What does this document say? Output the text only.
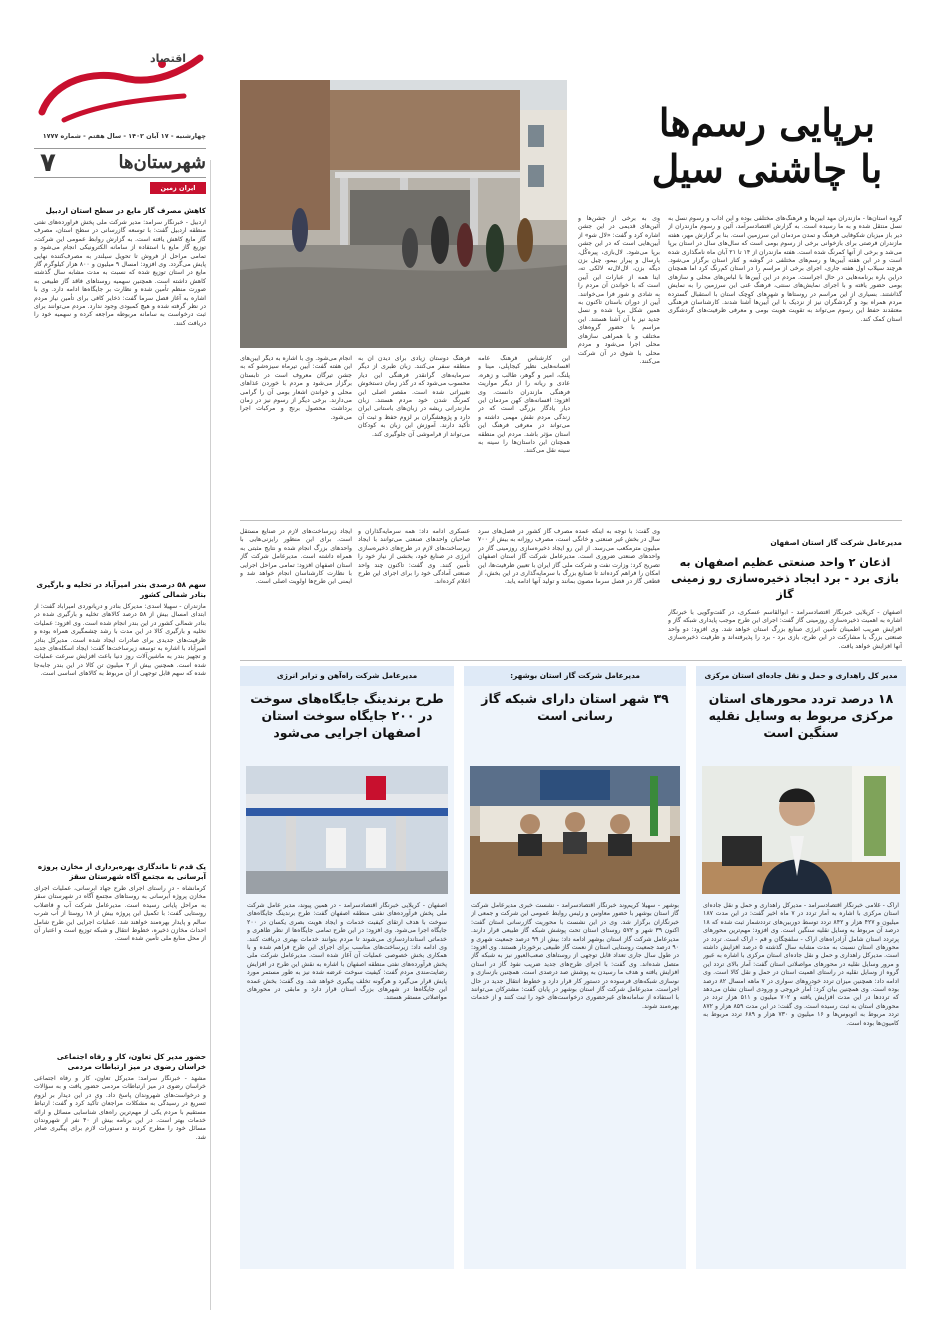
اقتصاد
چهارشنبه - ۱۷ آبان ۱۴۰۲ - سال هفتم - شماره ۱۷۷۷
شهرستان‌ها
۷
ایران زمین
کاهش مصرف گاز مایع در سطح استان اردبیل
اردبیل - خبرنگار سرآمد: مدیر شرکت ملی پخش فرآورده‌های نفتی منطقه اردبیل گفت: با توسعه گازرسانی در سطح استان، مصرف گاز مایع کاهش یافته است. به گزارش روابط عمومی این شرکت، توزیع گاز مایع با استفاده از سامانه الکترونیکی انجام می‌شود و تمامی مراحل از فروش تا تحویل سیلندر به مصرف‌کننده نهایی پایش می‌گردد. وی افزود: امسال ۹ میلیون و ۸۰۰ هزار کیلوگرم گاز مایع در استان توزیع شده که نسبت به مدت مشابه سال گذشته کاهش داشته است. همچنین سهمیه روستاهای فاقد گاز طبیعی به صورت منظم تأمین شده و نظارت بر جایگاه‌ها ادامه دارد. وی با اشاره به آغاز فصل سرما گفت: ذخایر کافی برای تأمین نیاز مردم در نظر گرفته شده و هیچ کمبودی وجود ندارد. مردم می‌توانند برای ثبت درخواست به سامانه مربوطه مراجعه کرده و سهمیه خود را دریافت کنند.
سهم ۵۸ درصدی بندر امیرآباد در تخلیه و بارگیری بنادر شمالی کشور
مازندران - سهیلا اسدی: مدیرکل بنادر و دریانوردی امیرآباد گفت: از ابتدای امسال بیش از ۵۸ درصد کالاهای تخلیه و بارگیری شده در بنادر شمالی کشور در این بندر انجام شده است. وی افزود: عملیات تخلیه و بارگیری کالا در این مدت با رشد چشمگیری همراه بوده و ظرفیت‌های جدیدی برای صادرات ایجاد شده است. مدیرکل بنادر امیرآباد با اشاره به توسعه زیرساخت‌ها گفت: ایجاد اسکله‌های جدید و تجهیز بندر به ماشین‌آلات روز دنیا باعث افزایش سرعت عملیات شده است. همچنین بیش از ۲ میلیون تن کالا در این بندر جابه‌جا شده که سهم قابل توجهی از آن مربوط به کالاهای اساسی است.
یک قدم تا ماندگاری بهره‌برداری از مخازن پروژه آبرسانی به مجتمع آگاه شهرستان سقز
کرمانشاه - در راستای اجرای طرح جهاد آبرسانی، عملیات اجرای مخازن پروژه آبرسانی به روستاهای مجتمع آگاه در شهرستان سقز به مراحل پایانی رسیده است. مدیرعامل شرکت آب و فاضلاب روستایی گفت: با تکمیل این پروژه بیش از ۱۸ روستا از آب شرب سالم و پایدار بهره‌مند خواهند شد. عملیات اجرایی این طرح شامل احداث مخازن ذخیره، خطوط انتقال و شبکه توزیع است و اعتبار آن از محل منابع ملی تأمین شده است.
حضور مدیر کل تعاون، کار و رفاه اجتماعی خراسان رضوی در میز ارتباطات مردمی
مشهد - خبرنگار سرآمد: مدیرکل تعاون، کار و رفاه اجتماعی خراسان رضوی در میز ارتباطات مردمی حضور یافت و به سؤالات و درخواست‌های شهروندان پاسخ داد. وی در این دیدار بر لزوم تسریع در رسیدگی به مشکلات مراجعان تأکید کرد و گفت: ارتباط مستقیم با مردم یکی از مهم‌ترین راه‌های شناسایی مسائل و ارائه خدمات بهتر است. در این برنامه بیش از ۴۰ نفر از شهروندان مسائل خود را مطرح کردند و دستورات لازم برای پیگیری صادر شد.
برپایی رسم‌ها
با چاشنی سیل
گروه استان‌ها - مازندران مهد آیین‌ها و فرهنگ‌های مختلفی بوده و این آداب و رسوم نسل به نسل منتقل شده و به ما رسیده است. به گزارش اقتصادسرآمد، آئین و رسوم مازندران از دیر باز میزبان شکوفایی فرهنگ و تمدن مردمان این سرزمین است. بنا بر گزارش مهر، هفته مازندران فرصتی برای بازخوانی برخی از رسوم بومی است که سال‌های سال در استان برپا می‌شد و برخی از آنها کمرنگ شده است. هفته مازندران از ۱۴ تا ۲۱ آبان ماه نامگذاری شده است و در این هفته آیین‌ها و رسم‌های مختلفی در گوشه و کنار استان برگزار می‌شود. هرچند سیلاب اول هفته جاری، اجرای برخی از مراسم را در استان کم‌رنگ کرد اما همچنان دراین باره برنامه‌هایی در حال اجراست. مردم در این آیین‌ها با لباس‌های محلی و سازهای بومی حضور یافته و با اجرای نمایش‌های سنتی، فرهنگ غنی این سرزمین را به نمایش گذاشتند. بسیاری از این مراسم در روستاها و شهرهای کوچک استان با استقبال گسترده مردم همراه بود و گردشگران نیز از نزدیک با این آیین‌ها آشنا شدند. کارشناسان فرهنگی معتقدند حفظ این رسوم می‌تواند به تقویت هویت بومی و معرفی ظرفیت‌های گردشگری استان کمک کند.
وی به برخی از جشن‌ها و آئین‌های قدیمی در این جشن اشاره کرد و گفت: «لال شو» از آیین‌هایی است که در این جشن برپا می‌شود. لال‌بازی، پیره‌کُل، پارسال و پیرار بیمو، چیل بزن دیگه بزن، لال‌لال‌ته لالکی ته، اینا همه از عبارات این آیین است که با خواندن آن مردم را به شادی و شور فرا می‌خوانند. آیین از دوران باستان تاکنون به همین شکل برپا شده و نسل جدید نیز با آن آشنا هستند. این مراسم با حضور گروه‌های مختلف و با همراهی سازهای محلی اجرا می‌شود و مردم محلی با شوق در آن شرکت می‌کنند.
این کارشناس فرهنگ عامه افسانه‌هایی نظیر کیجاپلی، مینا و پلنگ، امیر و گوهر، طالب و زهره، عادی و ریانه را از دیگر مواریث فرهنگی مازندران دانست. وی افزود: افسانه‌های کهن مردمان این دیار یادگار بزرگی است که در زندگی مردم نقش مهمی داشته و می‌تواند در معرفی فرهنگ این استان مؤثر باشد. مردم این منطقه همچنان این داستان‌ها را سینه به سینه نقل می‌کنند.
فرهنگ دوستان زیادی برای دیدن آن به منطقه سفر می‌کنند. زبان طبری از دیگر سرمایه‌های گرانقدر فرهنگی این دیار محسوب می‌شود که در گذر زمان دستخوش تغییراتی شده است. مقصر اصلی این کمرنگ شدن خود مردم هستند. زبان مازندرانی ریشه در زبان‌های باستانی ایران دارد و پژوهشگران بر لزوم حفظ و ثبت آن تأکید دارند. آموزش این زبان به کودکان می‌تواند از فراموشی آن جلوگیری کند.
انجام می‌شود. وی با اشاره به دیگر آیین‌های این هفته گفت: آیین تیرماه سیزه‌شو که به جشن تیرگان معروف است در تابستان برگزار می‌شود و مردم با خوردن غذاهای محلی و خواندن اشعار بومی آن را گرامی می‌دارند. برخی دیگر از رسوم نیز در زمان برداشت محصول برنج و مرکبات اجرا می‌شود.
مدیرعامل شرکت گاز استان اصفهان
اذعان ۲ واحد صنعتی عظیم اصفهان به بازی برد - برد ایجاد ذخیره‌سازی رو زمینی گاز
اصفهان - کریلایی خبرنگار اقتصادسرآمد - ابوالقاسم عسکری، در گفت‌وگویی با خبرنگار اشاره به اهمیت ذخیره‌سازی روزمینی گاز گفت: اجرای این طرح موجب پایداری شبکه گاز و افزایش ضریب اطمینان تأمین انرژی صنایع بزرگ استان خواهد شد. وی افزود: دو واحد صنعتی بزرگ با مشارکت در این طرح، بازی برد - برد را پذیرفته‌اند و ظرفیت ذخیره‌سازی آنها افزایش خواهد یافت.
وی گفت: با توجه به اینکه عمده مصرف گاز کشور در فصل‌های سرد سال در بخش غیر صنعتی و خانگی است، مصرف روزانه به بیش از ۷۰۰ میلیون مترمکعب می‌رسد. از این رو ایجاد ذخیره‌سازی روزمینی گاز در واحدهای صنعتی ضروری است. مدیرعامل شرکت گاز استان اصفهان تصریح کرد: وزارت نفت و شرکت ملی گاز ایران با تعیین ظرفیت‌ها، این امکان را فراهم کرده‌اند تا صنایع بزرگ با سرمایه‌گذاری در این بخش، از قطعی گاز در فصل سرما مصون بمانند و تولید آنها ادامه یابد.
عسکری ادامه داد: همه سرمایه‌گذاران و صاحبان واحدهای صنعتی می‌توانند با ایجاد زیرساخت‌های لازم در طرح‌های ذخیره‌سازی انرژی در صنایع خود، بخشی از نیاز خود را تأمین کنند. وی گفت: تاکنون چند واحد صنعتی آمادگی خود را برای اجرای این طرح اعلام کرده‌اند.
ایجاد زیرساخت‌های لازم در صنایع مستقل است. برای این منظور رایزنی‌هایی با واحدهای بزرگ انجام شده و نتایج مثبتی به همراه داشته است. مدیرعامل شرکت گاز استان اصفهان افزود: تمامی مراحل اجرایی با نظارت کارشناسان انجام خواهد شد و ایمنی این طرح‌ها اولویت اصلی است.
مدیر کل راهداری و حمل و نقل جاده‌ای استان مرکزی
۱۸ درصد تردد محورهای استان مرکزی مربوط به وسایل نقلیه سنگین است
اراک - غلامی خبرنگار اقتصادسرآمد - مدیرکل راهداری و حمل و نقل جاده‌ای استان مرکزی با اشاره به آمار تردد در ۷ ماه اخیر گفت: در این مدت ۱۸۷ میلیون و ۴۲۷ هزار و ۸۴۲ تردد توسط دوربین‌های ترددشمار ثبت شده که ۱۸ درصد آن مربوط به وسایل نقلیه سنگین است. وی افزود: مهم‌ترین محورهای پرتردد استان شامل آزادراه‌های اراک - سلفچگان و قم - اراک است. تردد در محورهای استان نسبت به مدت مشابه سال گذشته ۵ درصد افزایش داشته است. مدیرکل راهداری و حمل و نقل جاده‌ای استان مرکزی با اشاره به عبور و مرور وسایل نقلیه در محورهای مواصلاتی استان گفت: آمار بالای تردد این گروه از وسایل نقلیه در راستای اهمیت استان در حمل و نقل کالا است. وی ادامه داد: همچنین میزان تردد خودروهای سواری در ۷ ماهه امسال ۸۲ درصد بوده است. وی همچنین بیان کرد: آمار خروجی و ورودی استان نشان می‌دهد که ترددها در این مدت افزایش یافته و ۷۰۲ میلیون و ۵۱۱ هزار تردد در محورهای استان به ثبت رسیده است. وی گفت: در این مدت ۸۵۹ هزار و ۸۷۲ تردد مربوط به اتوبوس‌ها و ۱۶ میلیون و ۷۳۰ هزار و ۶۸۹ تردد مربوط به کامیون‌ها بوده است.
مدیرعامل شرکت گاز استان بوشهر:
۳۹ شهر استان دارای شبکه گاز رسانی است
بوشهر - سهیلا کریم‌وند خبرنگار اقتصادسرآمد - نشست خبری مدیرعامل شرکت گاز استان بوشهر با حضور معاونین و رئیس روابط عمومی این شرکت و جمعی از خبرنگاران برگزار شد. وی در این نشست با محوریت گازرسانی استان گفت: اکنون ۳۹ شهر و ۵۷۲ روستای استان تحت پوشش شبکه گاز طبیعی قرار دارند. مدیرعامل شرکت گاز استان بوشهر ادامه داد: بیش از ۹۹ درصد جمعیت شهری و ۹۰ درصد جمعیت روستایی استان از نعمت گاز طبیعی برخوردار هستند. وی افزود: در طول سال جاری تعداد قابل توجهی از روستاهای صعب‌العبور نیز به شبکه گاز متصل شده‌اند. وی گفت: با اجرای طرح‌های جدید ضریب نفوذ گاز در استان افزایش یافته و هدف ما رسیدن به پوشش صد درصدی است. همچنین بازسازی و نوسازی شبکه‌های فرسوده در دستور کار قرار دارد و خطوط انتقال جدید در حال اجراست. مدیرعامل شرکت گاز استان بوشهر در پایان گفت: مشترکان می‌توانند با استفاده از سامانه‌های غیرحضوری درخواست‌های خود را ثبت کنند و از خدمات بهره‌مند شوند.
مدیرعامل شرکت راه‌آهن و ترابر انرژی
طرح برندینگ جایگاه‌های سوخت در ۲۰۰ جایگاه سوخت استان اصفهان اجرایی می‌شود
اصفهان - کریلایی خبرنگار اقتصادسرآمد - در همین پیوند، مدیر عامل شرکت ملی پخش فرآورده‌های نفتی منطقه اصفهان گفت: طرح برندینگ جایگاه‌های سوخت با هدف ارتقای کیفیت خدمات و ایجاد هویت بصری یکسان در ۲۰۰ جایگاه اجرا می‌شود. وی افزود: در این طرح تمامی جایگاه‌ها از نظر ظاهری و خدماتی استانداردسازی می‌شوند تا مردم بتوانند خدمات بهتری دریافت کنند. وی ادامه داد: زیرساخت‌های مناسب برای اجرای این طرح فراهم شده و با همکاری بخش خصوصی عملیات آن آغاز شده است. مدیرعامل شرکت ملی پخش فرآورده‌های نفتی منطقه اصفهان با اشاره به نقش این طرح در افزایش رضایت‌مندی مردم گفت: کیفیت سوخت عرضه شده نیز به طور مستمر مورد پایش قرار می‌گیرد و هرگونه تخلف پیگیری خواهد شد. وی گفت: بخش عمده این جایگاه‌ها در شهرهای بزرگ استان قرار دارد و مابقی در محورهای مواصلاتی مستقر هستند.
